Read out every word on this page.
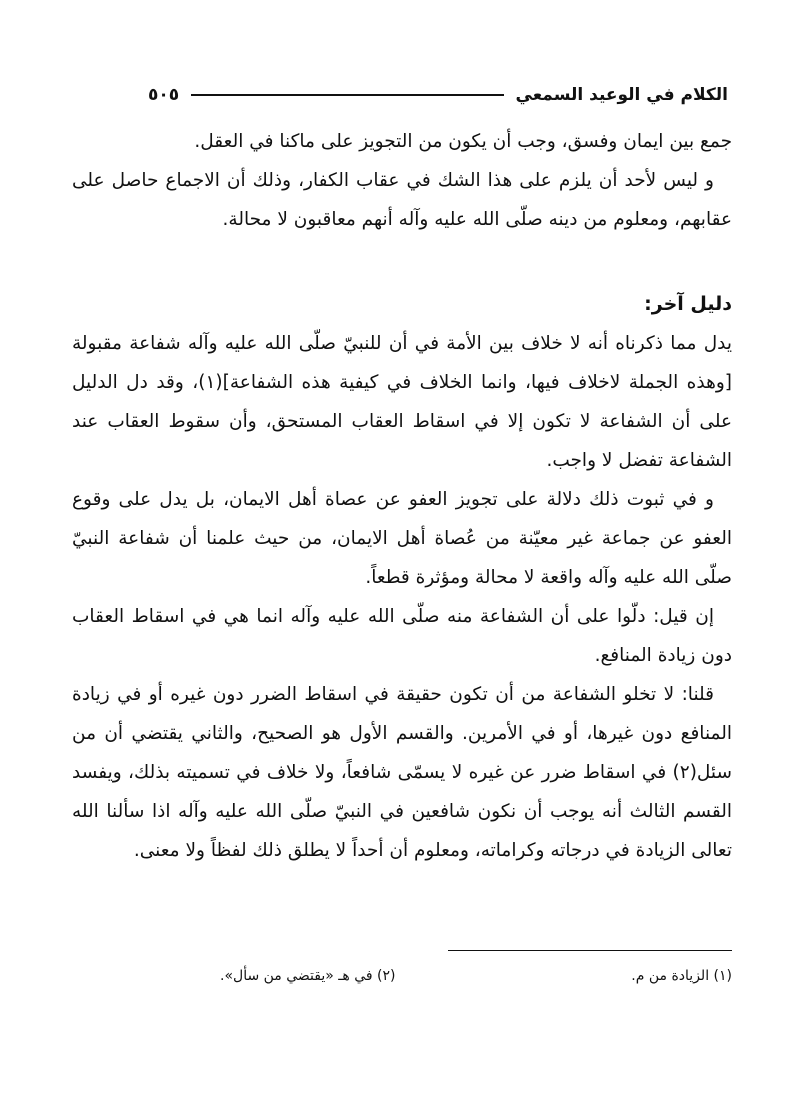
الكلام في الوعيد السمعي
٥٠٥

جمع بين ايمان وفسق، وجب أن يكون من التجويز على ماكنا في العقل.

و ليس لأحد أن يلزم على هذا الشك في عقاب الكفار، وذلك أن الاجماع حاصل على عقابهم، ومعلوم من دينه صلّى الله عليه وآله أنهم معاقبون لا محالة.

دليل آخر:

يدل مما ذكرناه أنه لا خلاف بين الأمة في أن للنبيّ صلّى الله عليه وآله شفاعة مقبولة [وهذه الجملة لاخلاف فيها، وانما الخلاف في كيفية هذه الشفاعة](١)، وقد دل الدليل على أن الشفاعة لا تكون إلا في اسقاط العقاب المستحق، وأن سقوط العقاب عند الشفاعة تفضل لا واجب.

و في ثبوت ذلك دلالة على تجويز العفو عن عصاة أهل الايمان، بل يدل على وقوع العفو عن جماعة غير معيّنة من عُصاة أهل الايمان، من حيث علمنا أن شفاعة النبيّ صلّى الله عليه وآله واقعة لا محالة ومؤثرة قطعاً.

إن قيل: دلّوا على أن الشفاعة منه صلّى الله عليه وآله انما هي في اسقاط العقاب دون زيادة المنافع.

قلنا: لا تخلو الشفاعة من أن تكون حقيقة في اسقاط الضرر دون غيره أو في زيادة المنافع دون غيرها، أو في الأمرين. والقسم الأول هو الصحيح، والثاني يقتضي أن من سئل(٢) في اسقاط ضرر عن غيره لا يسمّى شافعاً، ولا خلاف في تسميته بذلك، ويفسد القسم الثالث أنه يوجب أن نكون شافعين في النبيّ صلّى الله عليه وآله اذا سألنا الله تعالى الزيادة في درجاته وكراماته، ومعلوم أن أحداً لا يطلق ذلك لفظاً ولا معنى.

(١) الزيادة من م.
(٢) في هـ «يقتضي من سأل».
